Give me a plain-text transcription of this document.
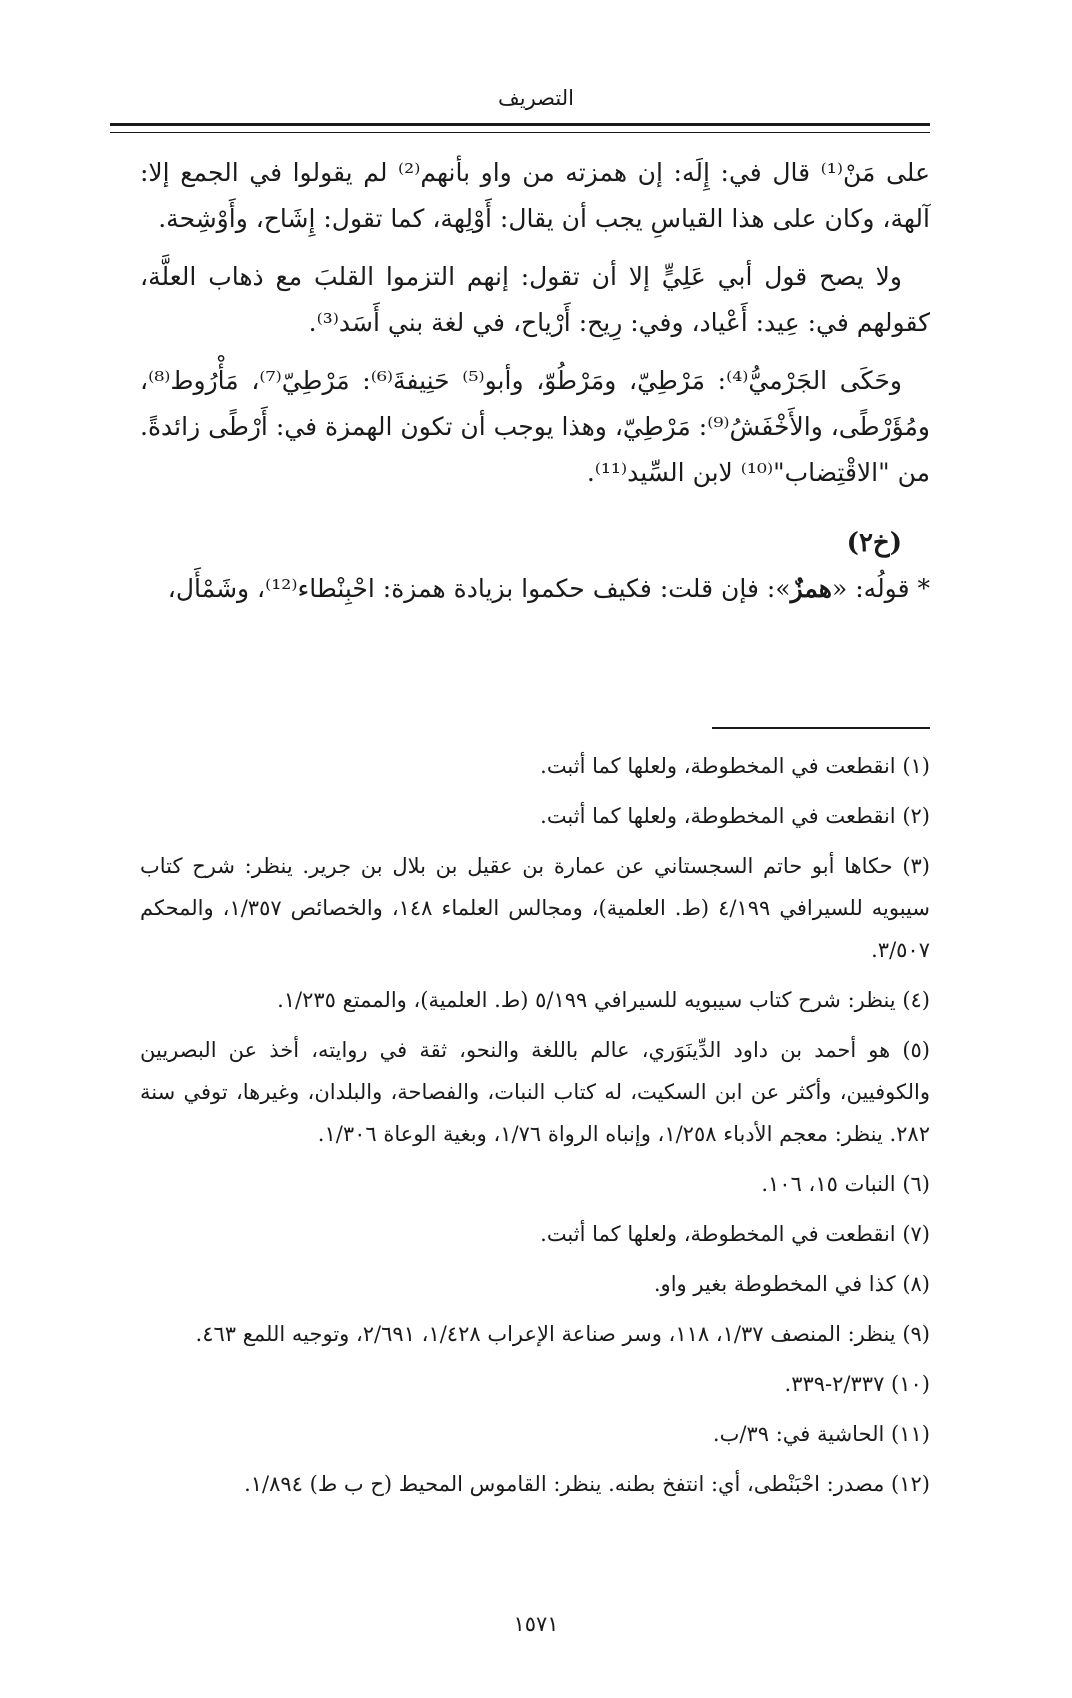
التصريف

على مَنْ⁽¹⁾ قال في: إِلَه: إن همزته من واو بأنهم⁽²⁾ لم يقولوا في الجمع إلا: آلهة، وكان على هذا القياسِ يجب أن يقال: أَوْلِهة، كما تقول: إِشَاح، وأَوْشِحة.

ولا يصح قول أبي عَلِيٍّ إلا أن تقول: إنهم التزموا القلبَ مع ذهاب العلَّة، كقولهم في: عِيد: أَعْياد، وفي: رِيح: أَرْياح، في لغة بني أَسَد⁽³⁾.

وحَكَى الجَرْميُّ⁽⁴⁾: مَرْطِيّ، ومَرْطُوّ، وأبو⁽⁵⁾ حَنِيفةَ⁽⁶⁾: مَرْطِيّ⁽⁷⁾، مَأْرُوط⁽⁸⁾، ومُؤَرْطًى، والأَخْفَشُ⁽⁹⁾: مَرْطِيّ، وهذا يوجب أن تكون الهمزة في: أَرْطًى زائدةً. من "الاقْتِضاب"⁽¹⁰⁾ لابن السِّيد⁽¹¹⁾.

(خ٢)

* قولُه: «همزٌ»: فإن قلت: فكيف حكموا بزيادة همزة: احْبِنْطاء⁽¹²⁾، وشَمْأَل،

(١) انقطعت في المخطوطة، ولعلها كما أثبت.

(٢) انقطعت في المخطوطة، ولعلها كما أثبت.

(٣) حكاها أبو حاتم السجستاني عن عمارة بن عقيل بن بلال بن جرير. ينظر: شرح كتاب سيبويه للسيرافي ٤/١٩٩ (ط. العلمية)، ومجالس العلماء ١٤٨، والخصائص ١/٣٥٧، والمحكم ٣/٥٠٧.

(٤) ينظر: شرح كتاب سيبويه للسيرافي ٥/١٩٩ (ط. العلمية)، والممتع ١/٢٣٥.

(٥) هو أحمد بن داود الدِّينَوَري، عالم باللغة والنحو، ثقة في روايته، أخذ عن البصريين والكوفيين، وأكثر عن ابن السكيت، له كتاب النبات، والفصاحة، والبلدان، وغيرها، توفي سنة ٢٨٢. ينظر: معجم الأدباء ١/٢٥٨، وإنباه الرواة ١/٧٦، وبغية الوعاة ١/٣٠٦.

(٦) النبات ١٥، ١٠٦.

(٧) انقطعت في المخطوطة، ولعلها كما أثبت.

(٨) كذا في المخطوطة بغير واو.

(٩) ينظر: المنصف ١/٣٧، ١١٨، وسر صناعة الإعراب ١/٤٢٨، ٢/٦٩١، وتوجيه اللمع ٤٦٣.

(١٠) ٢/٣٣٧-٣٣٩.

(١١) الحاشية في: ٣٩/ب.

(١٢) مصدر: احْبَنْطى، أي: انتفخ بطنه. ينظر: القاموس المحيط (ح ب ط) ١/٨٩٤.

١٥٧١
